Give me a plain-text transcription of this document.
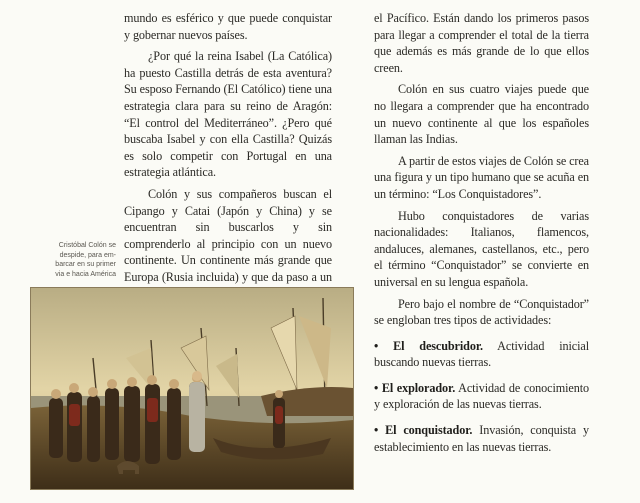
Cristóbal Colón se
despide, para em-
barcar en su primer
via e hacia América

mundo es esférico y que puede conquistar y gobernar nuevos países.

¿Por qué la reina Isabel (La Católica) ha puesto Castilla detrás de esta aventura? Su esposo Fernando (El Católico) tiene una estrategia clara para su reino de Aragón: “El control del Mediterráneo”. ¿Pero qué buscaba Isabel y con ella Castilla? Quizás es solo competir con Portugal en una estrategia atlántica.

Colón y sus compañeros buscan el Cipango y Catai (Japón y China) y se encuentran sin buscarlos y sin comprenderlo al principio con un nuevo continente. Un continente más grande que Europa (Rusia incluida) y que da paso a un

el Pacífico. Están dando los primeros pasos para llegar a comprender el total de la tierra que además es más grande de lo que ellos creen.

Colón en sus cuatro viajes puede que no llegara a comprender que ha encontrado un nuevo continente al que los españoles llaman las Indias.

A partir de estos viajes de Colón se crea una figura y un tipo humano que se acuña en un término: “Los Conquistadores”.

Hubo conquistadores de varias nacionalidades: Italianos, flamencos, andaluces, alemanes, castellanos, etc., pero el término “Conquistador” se convierte en universal en su lengua española.

Pero bajo el nombre de “Conquistador” se engloban tres tipos de actividades:

• El descubridor. Actividad inicial buscando nuevas tierras.

• El explorador. Actividad de conocimiento y exploración de las nuevas tierras.

• El conquistador. Invasión, conquista y establecimiento en las nuevas tierras.
